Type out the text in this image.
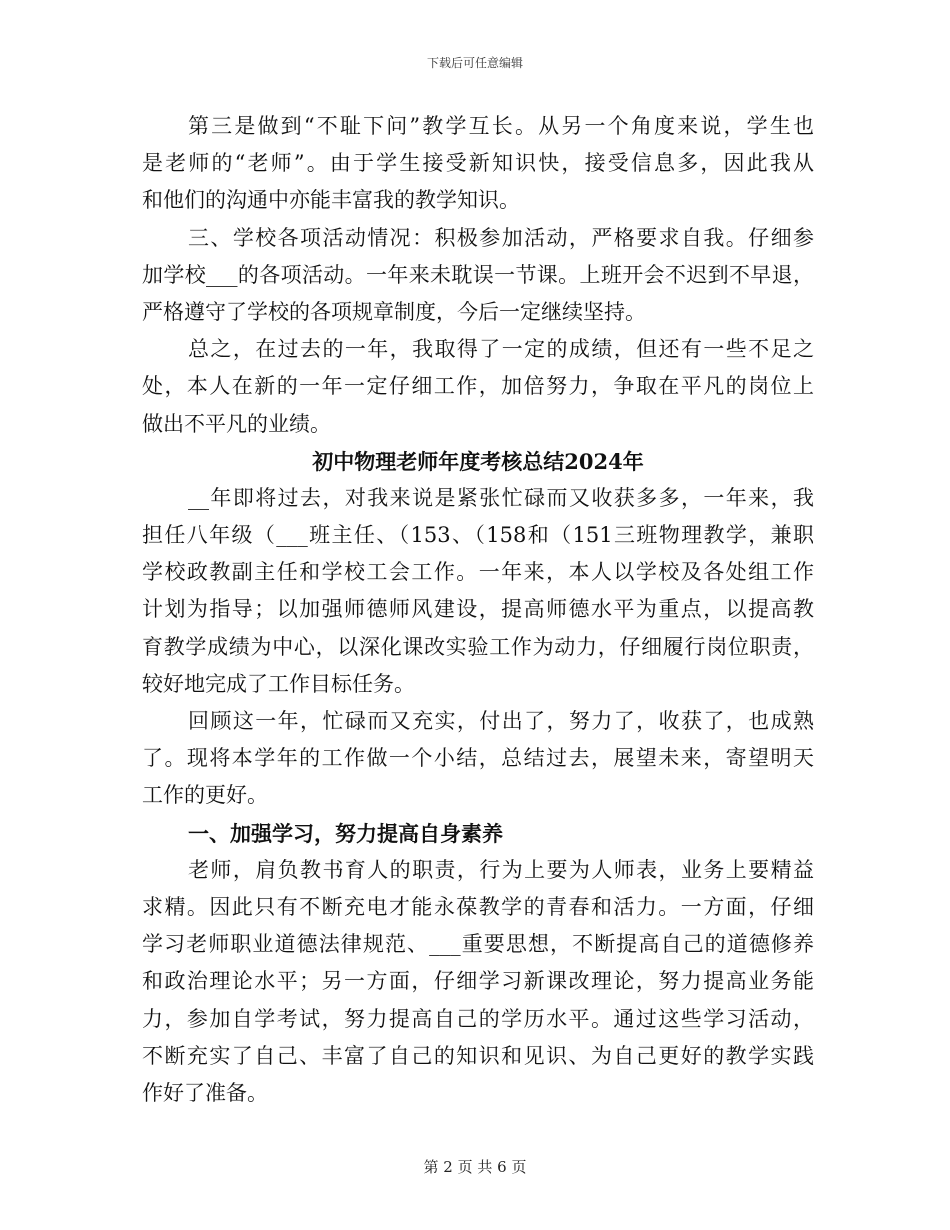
下载后可任意编辑
第三是做到“不耻下问”教学互长。从另一个角度来说，学生也
是老师的“老师”。由于学生接受新知识快，接受信息多，因此我从
和他们的沟通中亦能丰富我的教学知识。
三、学校各项活动情况：积极参加活动，严格要求自我。仔细参
加学校___的各项活动。一年来未耽误一节课。上班开会不迟到不早退，
严格遵守了学校的各项规章制度，今后一定继续坚持。
总之，在过去的一年，我取得了一定的成绩，但还有一些不足之
处，本人在新的一年一定仔细工作，加倍努力，争取在平凡的岗位上
做出不平凡的业绩。
初中物理老师年度考核总结2024年
__年即将过去，对我来说是紧张忙碌而又收获多多，一年来，我
担任八年级（___班主任、（153、（158和（151三班物理教学，兼职
学校政教副主任和学校工会工作。一年来，本人以学校及各处组工作
计划为指导；以加强师德师风建设，提高师德水平为重点，以提高教
育教学成绩为中心，以深化课改实验工作为动力，仔细履行岗位职责，
较好地完成了工作目标任务。
回顾这一年，忙碌而又充实，付出了，努力了，收获了，也成熟
了。现将本学年的工作做一个小结，总结过去，展望未来，寄望明天
工作的更好。
一、加强学习，努力提高自身素养
老师，肩负教书育人的职责，行为上要为人师表，业务上要精益
求精。因此只有不断充电才能永葆教学的青春和活力。一方面，仔细
学习老师职业道德法律规范、___重要思想，不断提高自己的道德修养
和政治理论水平；另一方面，仔细学习新课改理论，努力提高业务能
力，参加自学考试，努力提高自己的学历水平。通过这些学习活动，
不断充实了自己、丰富了自己的知识和见识、为自己更好的教学实践
作好了准备。
第 2 页 共 6 页
